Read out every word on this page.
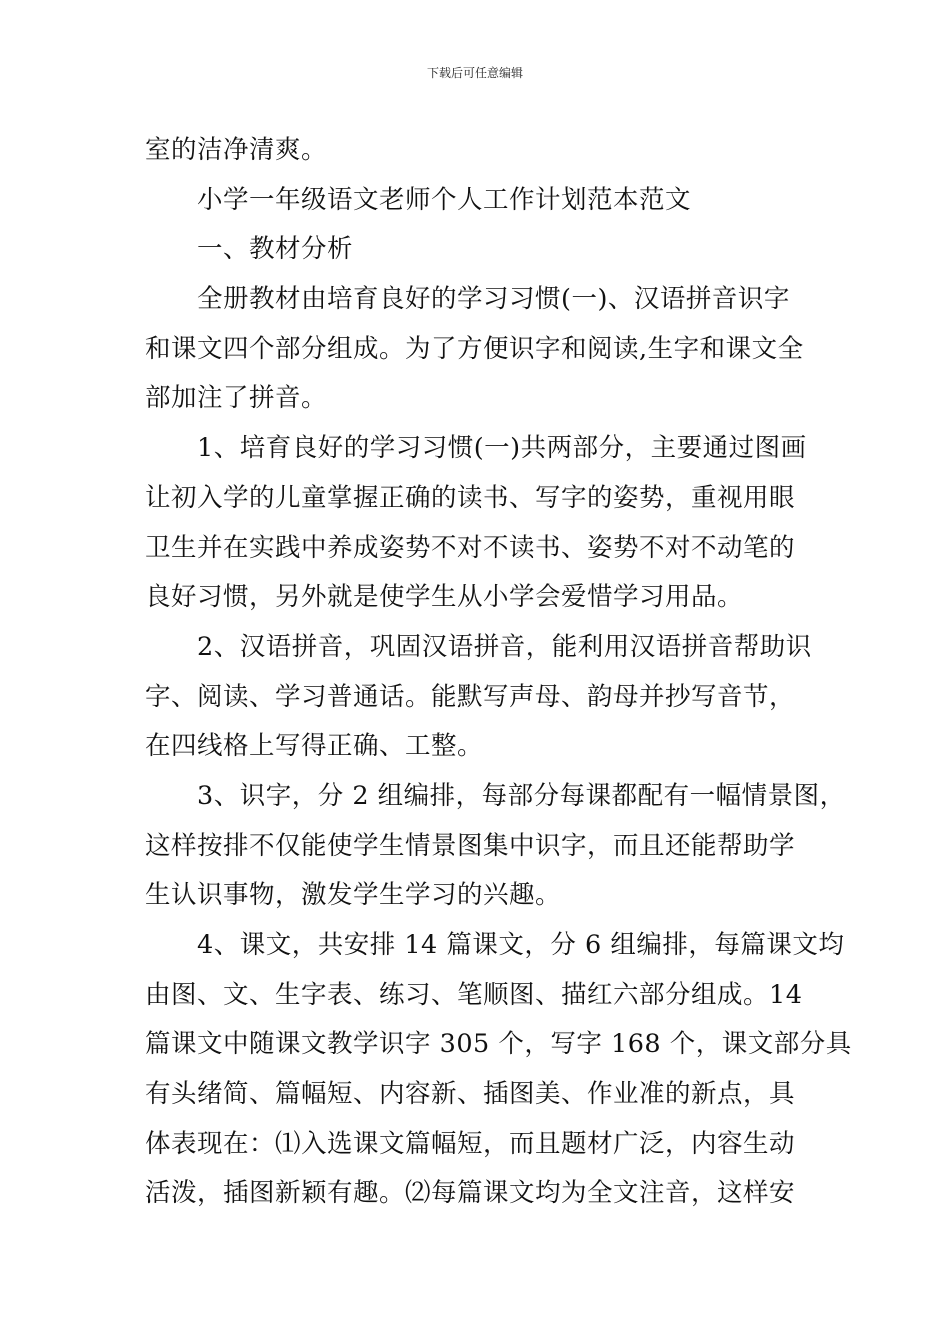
下载后可任意编辑
室的洁净清爽。
小学一年级语文老师个人工作计划范本范文
一、教材分析
全册教材由培育良好的学习习惯(一)、汉语拼音识字
和课文四个部分组成。为了方便识字和阅读,生字和课文全
部加注了拼音。
1、培育良好的学习习惯(一)共两部分，主要通过图画
让初入学的儿童掌握正确的读书、写字的姿势，重视用眼
卫生并在实践中养成姿势不对不读书、姿势不对不动笔的
良好习惯，另外就是使学生从小学会爱惜学习用品。
2、汉语拼音，巩固汉语拼音，能利用汉语拼音帮助识
字、阅读、学习普通话。能默写声母、韵母并抄写音节，
在四线格上写得正确、工整。
3、识字，分 2 组编排，每部分每课都配有一幅情景图，
这样按排不仅能使学生情景图集中识字，而且还能帮助学
生认识事物，激发学生学习的兴趣。
4、课文，共安排 14 篇课文，分 6 组编排，每篇课文均
由图、文、生字表、练习、笔顺图、描红六部分组成。14
篇课文中随课文教学识字 305 个，写字 168 个，课文部分具
有头绪简、篇幅短、内容新、插图美、作业准的新点，具
体表现在：⑴入选课文篇幅短，而且题材广泛，内容生动
活泼，插图新颖有趣。⑵每篇课文均为全文注音，这样安
